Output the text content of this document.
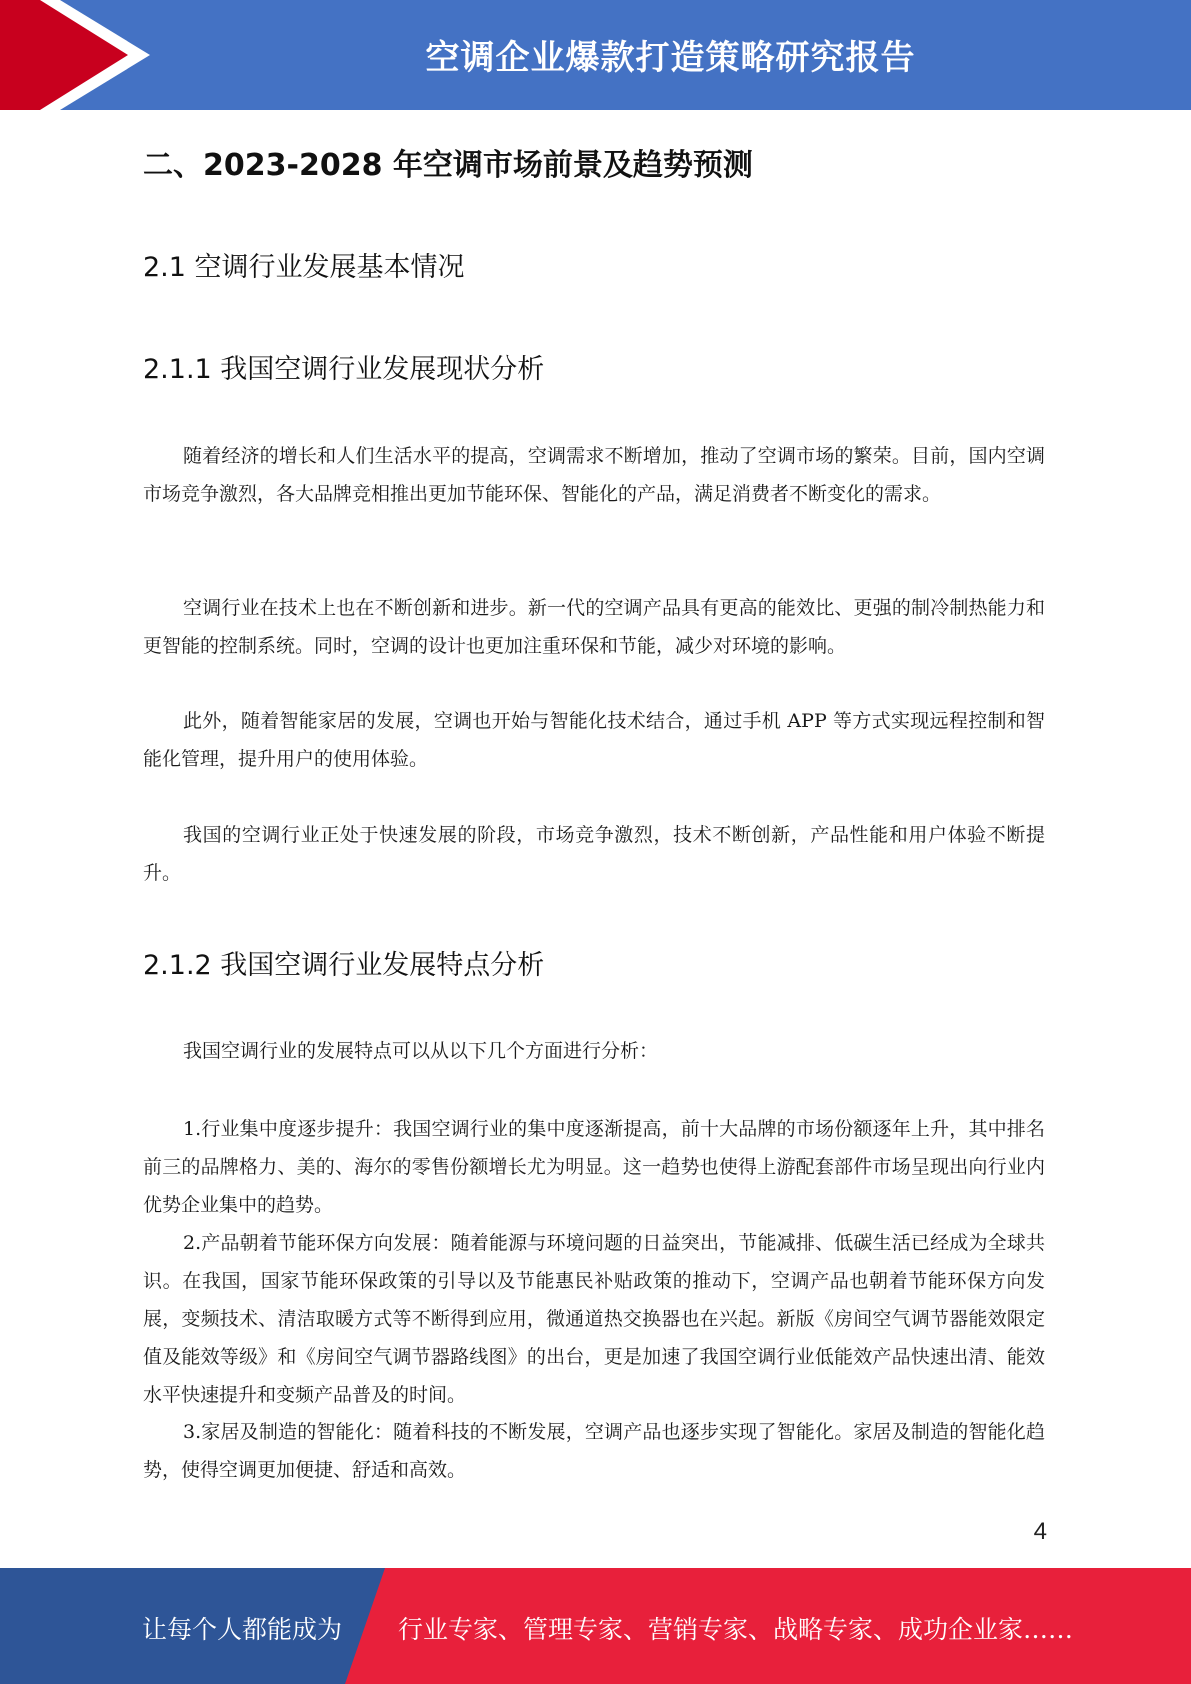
空调企业爆款打造策略研究报告
二、2023-2028 年空调市场前景及趋势预测
2.1 空调行业发展基本情况
2.1.1 我国空调行业发展现状分析

随着经济的增长和人们生活水平的提高，空调需求不断增加，推动了空调市场的繁荣。目前，国内空调市场竞争激烈，各大品牌竞相推出更加节能环保、智能化的产品，满足消费者不断变化的需求。

空调行业在技术上也在不断创新和进步。新一代的空调产品具有更高的能效比、更强的制冷制热能力和更智能的控制系统。同时，空调的设计也更加注重环保和节能，减少对环境的影响。

此外，随着智能家居的发展，空调也开始与智能化技术结合，通过手机 APP 等方式实现远程控制和智能化管理，提升用户的使用体验。

我国的空调行业正处于快速发展的阶段，市场竞争激烈，技术不断创新，产品性能和用户体验不断提升。

2.1.2 我国空调行业发展特点分析

我国空调行业的发展特点可以从以下几个方面进行分析：

1.行业集中度逐步提升：我国空调行业的集中度逐渐提高，前十大品牌的市场份额逐年上升，其中排名前三的品牌格力、美的、海尔的零售份额增长尤为明显。这一趋势也使得上游配套部件市场呈现出向行业内优势企业集中的趋势。

2.产品朝着节能环保方向发展：随着能源与环境问题的日益突出，节能减排、低碳生活已经成为全球共识。在我国，国家节能环保政策的引导以及节能惠民补贴政策的推动下，空调产品也朝着节能环保方向发展，变频技术、清洁取暖方式等不断得到应用，微通道热交换器也在兴起。新版《房间空气调节器能效限定值及能效等级》和《房间空气调节器路线图》的出台，更是加速了我国空调行业低能效产品快速出清、能效水平快速提升和变频产品普及的时间。

3.家居及制造的智能化：随着科技的不断发展，空调产品也逐步实现了智能化。家居及制造的智能化趋势，使得空调更加便捷、舒适和高效。

4
让每个人都能成为 行业专家、管理专家、营销专家、战略专家、成功企业家……
